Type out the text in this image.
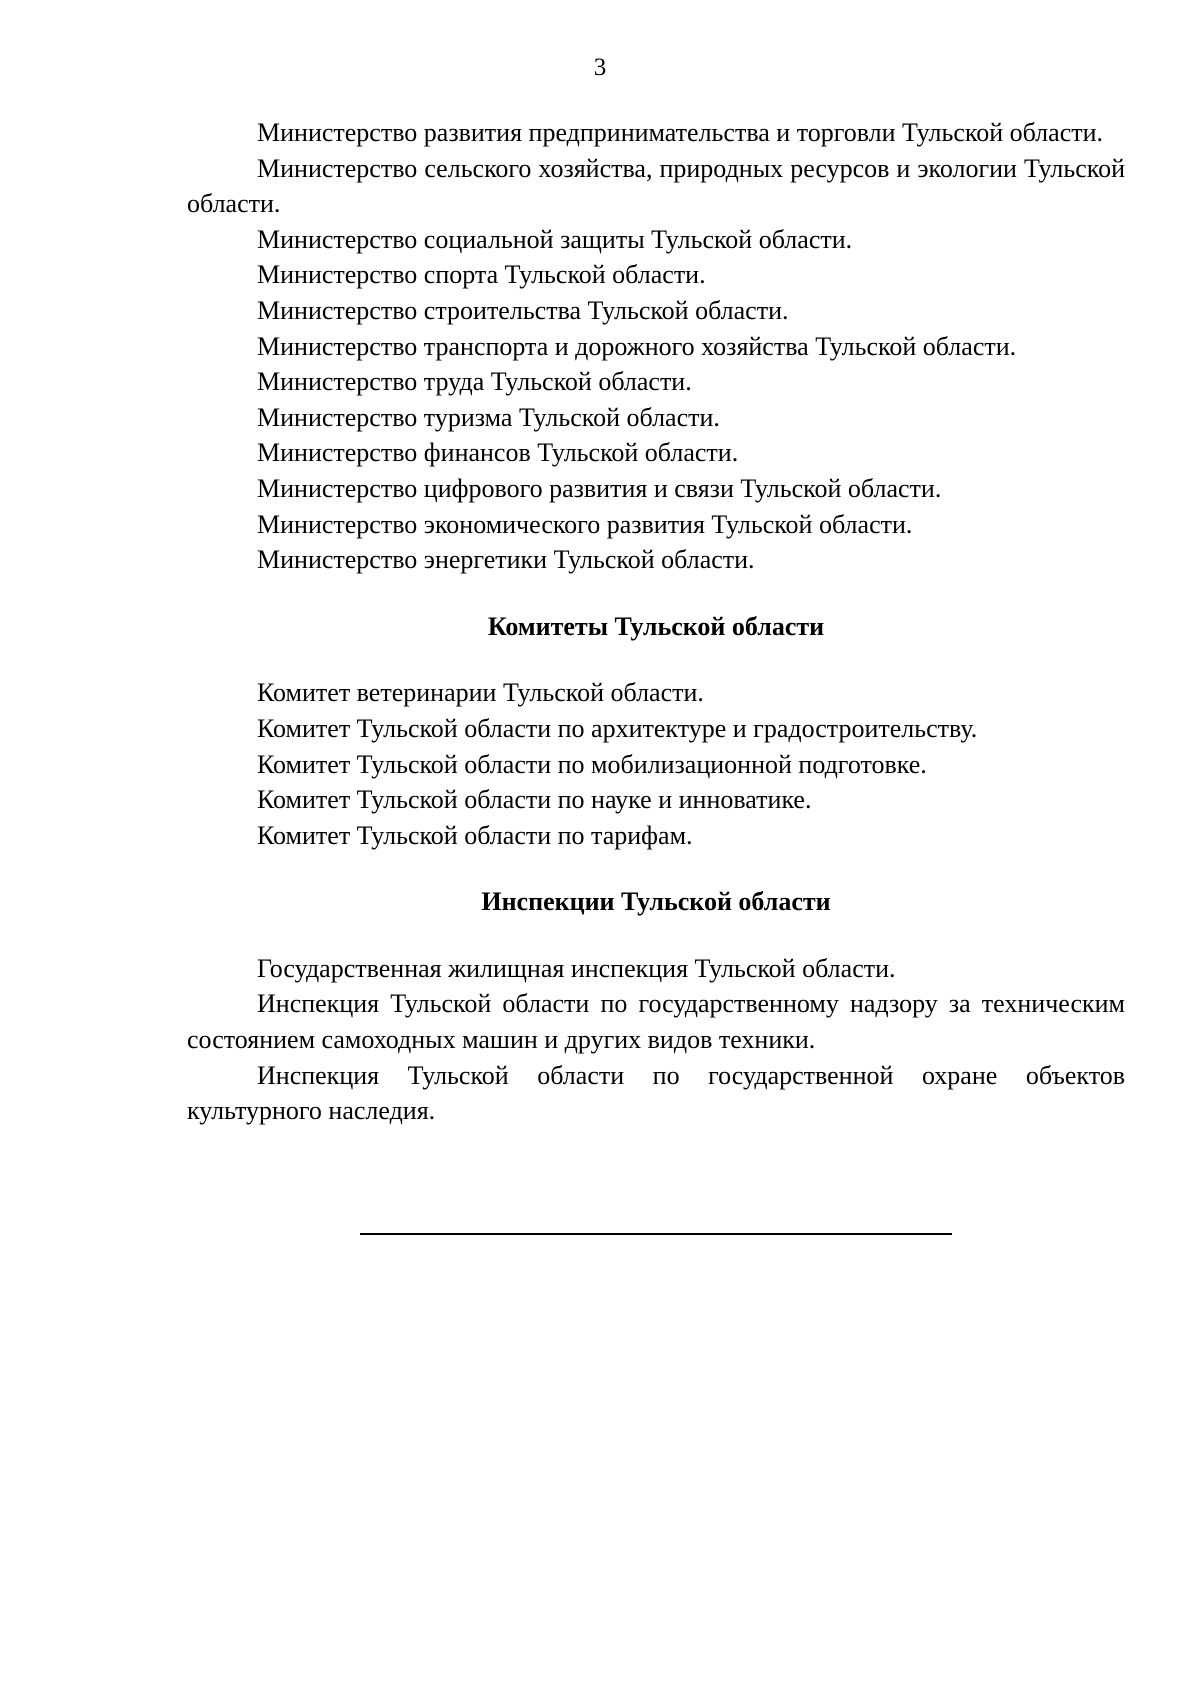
3

Министерство развития предпринимательства и торговли Тульской области.

Министерство сельского хозяйства, природных ресурсов и экологии Тульской области.

Министерство социальной защиты Тульской области.

Министерство спорта Тульской области.

Министерство строительства Тульской области.

Министерство транспорта и дорожного хозяйства Тульской области.

Министерство труда Тульской области.

Министерство туризма Тульской области.

Министерство финансов Тульской области.

Министерство цифрового развития и связи Тульской области.

Министерство экономического развития Тульской области.

Министерство энергетики Тульской области.

Комитеты Тульской области

Комитет ветеринарии Тульской области.

Комитет Тульской области по архитектуре и градостроительству.

Комитет Тульской области по мобилизационной подготовке.

Комитет Тульской области по науке и инноватике.

Комитет Тульской области по тарифам.

Инспекции Тульской области

Государственная жилищная инспекция Тульской области.

Инспекция Тульской области по государственному надзору за техническим состоянием самоходных машин и других видов техники.

Инспекция Тульской области по государственной охране объектов культурного наследия.
